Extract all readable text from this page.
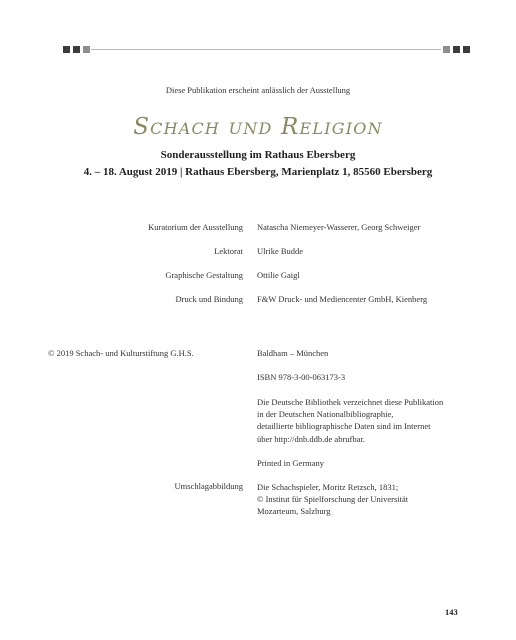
Diese Publikation erscheint anlässlich der Ausstellung
Schach und Religion
Sonderausstellung im Rathaus Ebersberg
4. – 18. August 2019 | Rathaus Ebersberg, Marienplatz 1, 85560 Ebersberg
Kuratorium der Ausstellung Natascha Niemeyer-Wasserer, Georg Schweiger
Lektorat Ulrike Budde
Graphische Gestaltung Ottilie Gaigl
Druck und Bindung F&W Druck- und Mediencenter GmbH, Kienberg
© 2019 Schach- und Kulturstiftung G.H.S.	Baldham – München
ISBN 978-3-00-063173-3
Die Deutsche Bibliothek verzeichnet diese Publikation
in der Deutschen Nationalbibliographie,
detaillierte bibliographische Daten sind im Internet
über http://dnb.ddb.de abrufbar.
Printed in Germany
Umschlagabbildung Die Schachspieler, Moritz Retzsch, 1831;
© Institut für Spielforschung der Universität
Mozarteum, Salzburg
143
